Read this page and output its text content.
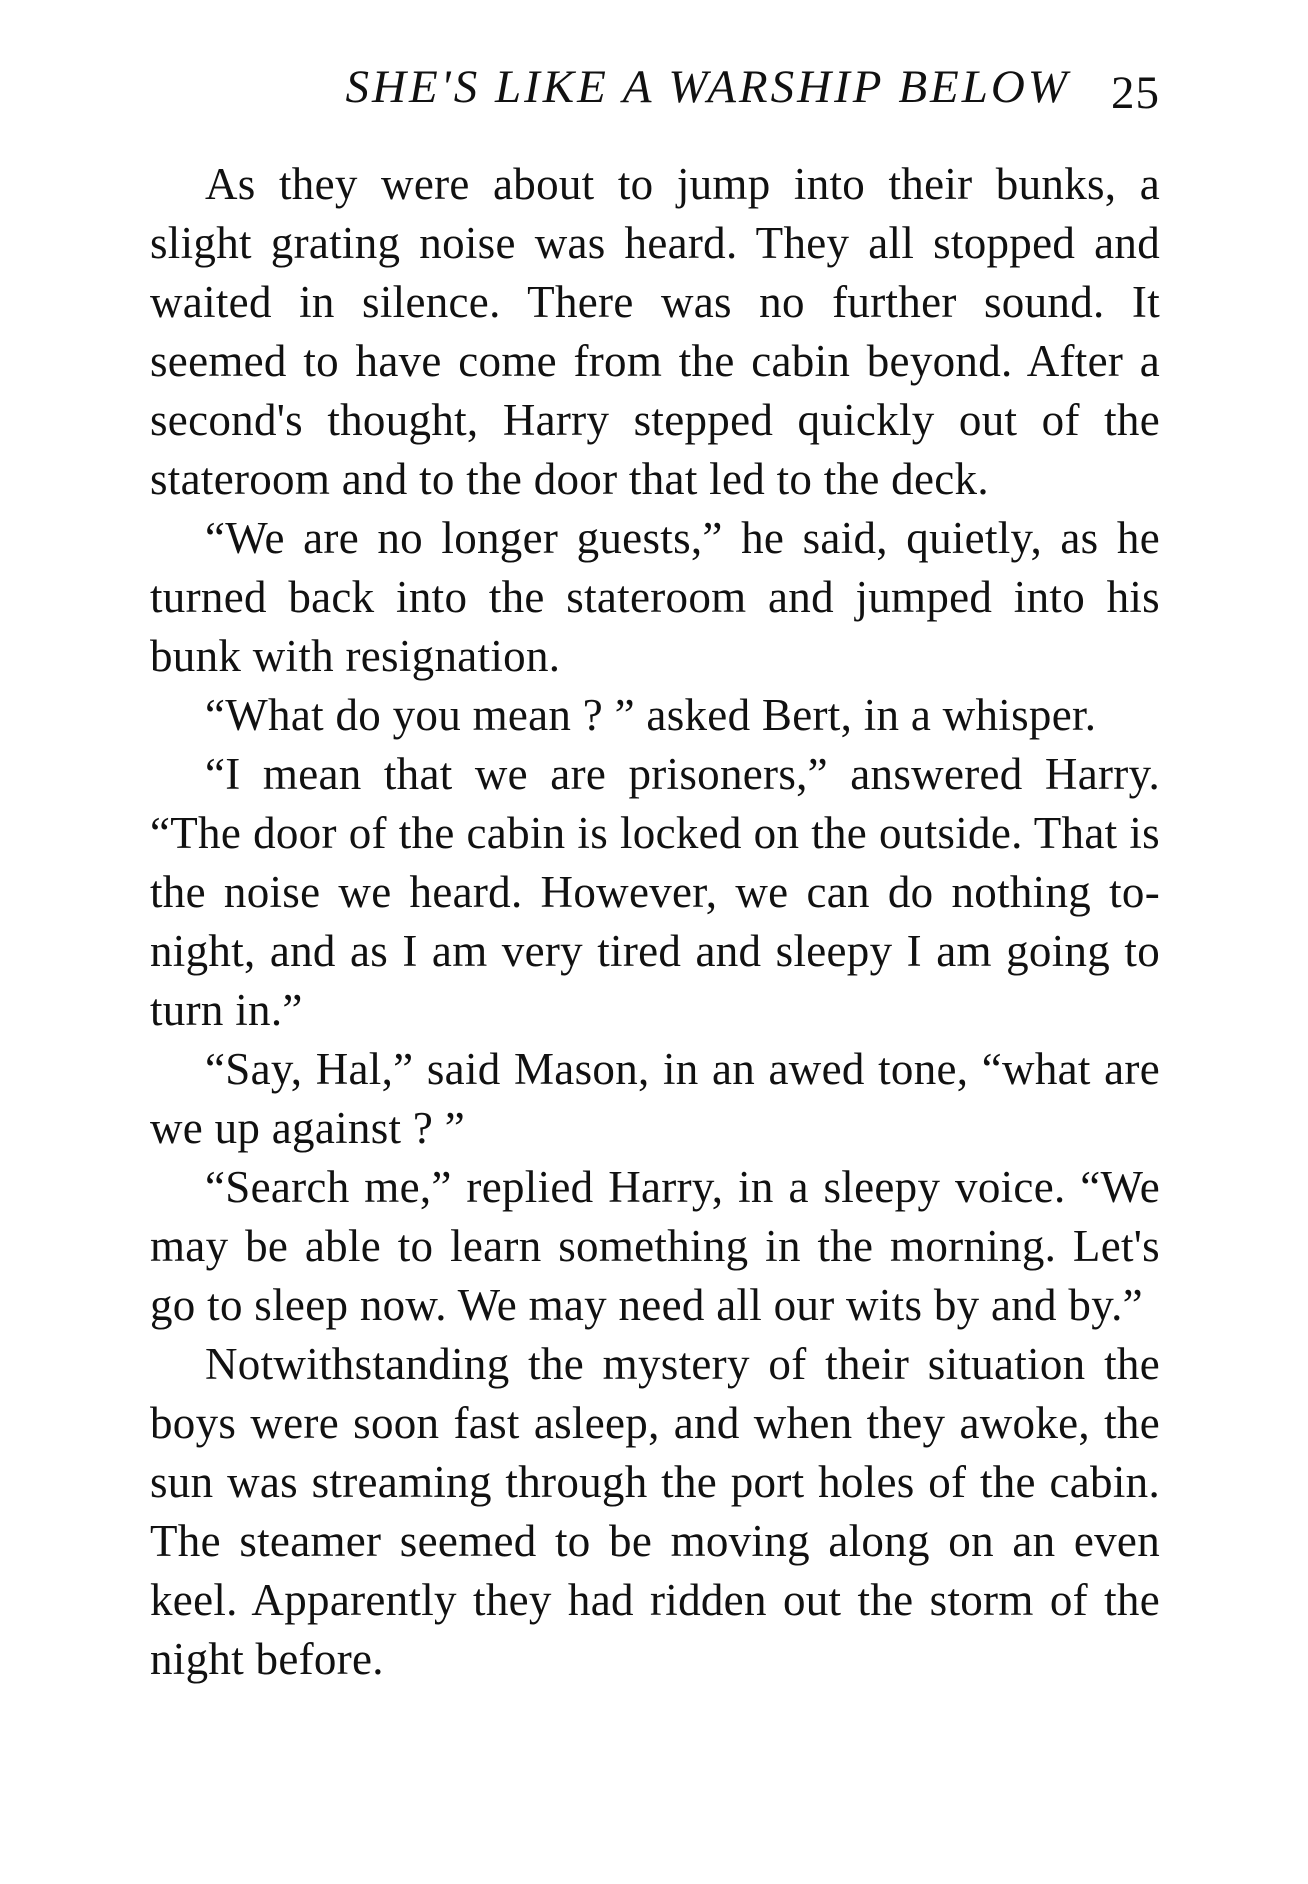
SHE'S LIKE A WARSHIP BELOW 25

As they were about to jump into their bunks, a slight grating noise was heard. They all stopped and waited in silence. There was no further sound. It seemed to have come from the cabin beyond. After a second's thought, Harry stepped quickly out of the stateroom and to the door that led to the deck.

“We are no longer guests,” he said, quietly, as he turned back into the stateroom and jumped into his bunk with resignation.

“What do you mean ? ” asked Bert, in a whisper.

“I mean that we are prisoners,” answered Harry. “The door of the cabin is locked on the outside. That is the noise we heard. However, we can do nothing to-night, and as I am very tired and sleepy I am going to turn in.”

“Say, Hal,” said Mason, in an awed tone, “what are we up against ? ”

“Search me,” replied Harry, in a sleepy voice. “We may be able to learn something in the morning. Let's go to sleep now. We may need all our wits by and by.”

Notwithstanding the mystery of their situation the boys were soon fast asleep, and when they awoke, the sun was streaming through the port holes of the cabin. The steamer seemed to be moving along on an even keel. Apparently they had ridden out the storm of the night before.
